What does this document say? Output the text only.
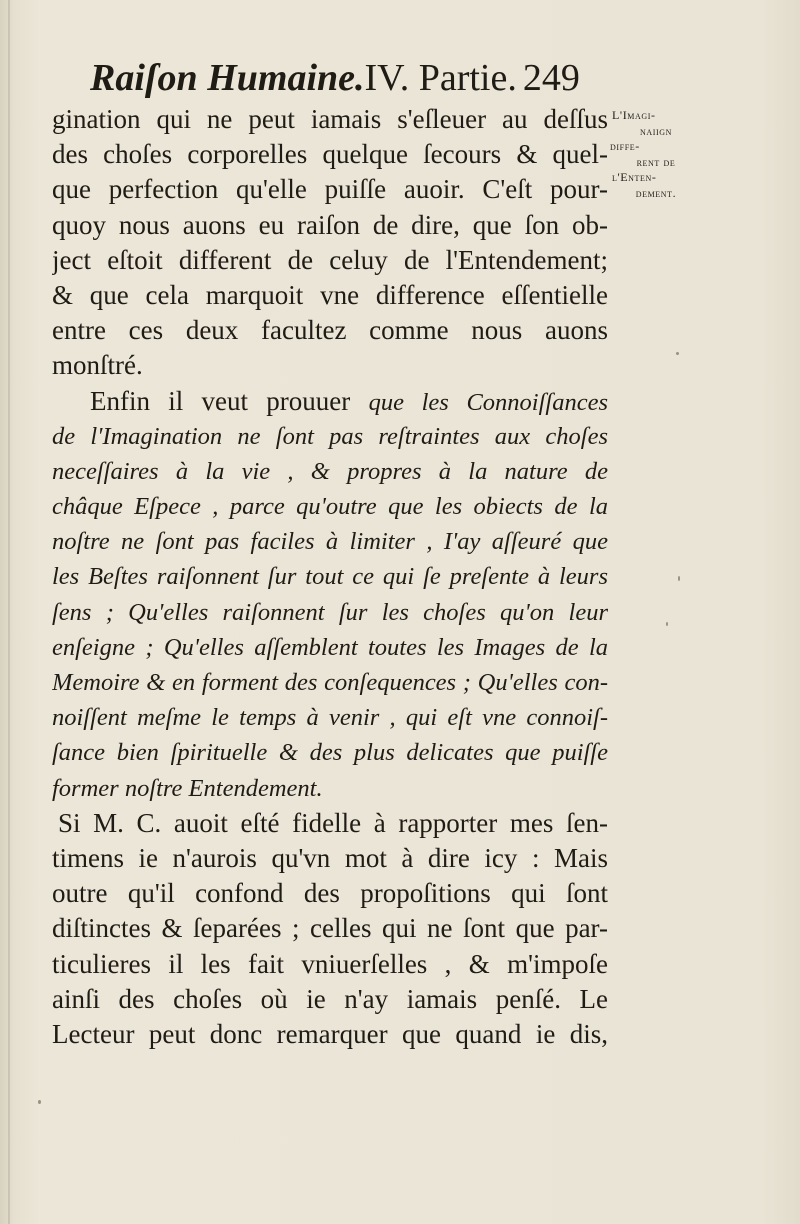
Raiſon Humaine.IV. Partie. 249
L'Imagi-
naiign
diffe-
rent de
l'Enten-
dement.
gination qui ne peut iamais s'eſleuer au deſſus
des choſes corporelles quelque ſecours & quel-
que perfection qu'elle puiſſe auoir. C'eſt pour-
quoy nous auons eu raiſon de dire, que ſon ob-
ject eſtoit different de celuy de l'Entendement;
& que cela marquoit vne difference eſſentielle
entre ces deux facultez comme nous auons
monſtré.
Enfin il veut prouuer que les Connoiſſances
de l'Imagination ne ſont pas reſtraintes aux choſes
neceſſaires à la vie , & propres à la nature de
châque Eſpece , parce qu'outre que les obiects de la
noſtre ne ſont pas faciles à limiter , I'ay aſſeuré que
les Beſtes raiſonnent ſur tout ce qui ſe preſente à leurs
ſens ; Qu'elles raiſonnent ſur les choſes qu'on leur
enſeigne ; Qu'elles aſſemblent toutes les Images de la
Memoire & en forment des conſequences ; Qu'elles con-
noiſſent meſme le temps à venir , qui eſt vne connoiſ-
ſance bien ſpirituelle & des plus delicates que puiſſe
former noſtre Entendement.
Si M. C. auoit eſté fidelle à rapporter mes ſen-
timens ie n'aurois qu'vn mot à dire icy : Mais
outre qu'il confond des propoſitions qui ſont
diſtinctes & ſeparées ; celles qui ne ſont que par-
ticulieres il les fait vniuerſelles , & m'impoſe
ainſi des choſes où ie n'ay iamais penſé. Le
Lecteur peut donc remarquer que quand ie dis,
